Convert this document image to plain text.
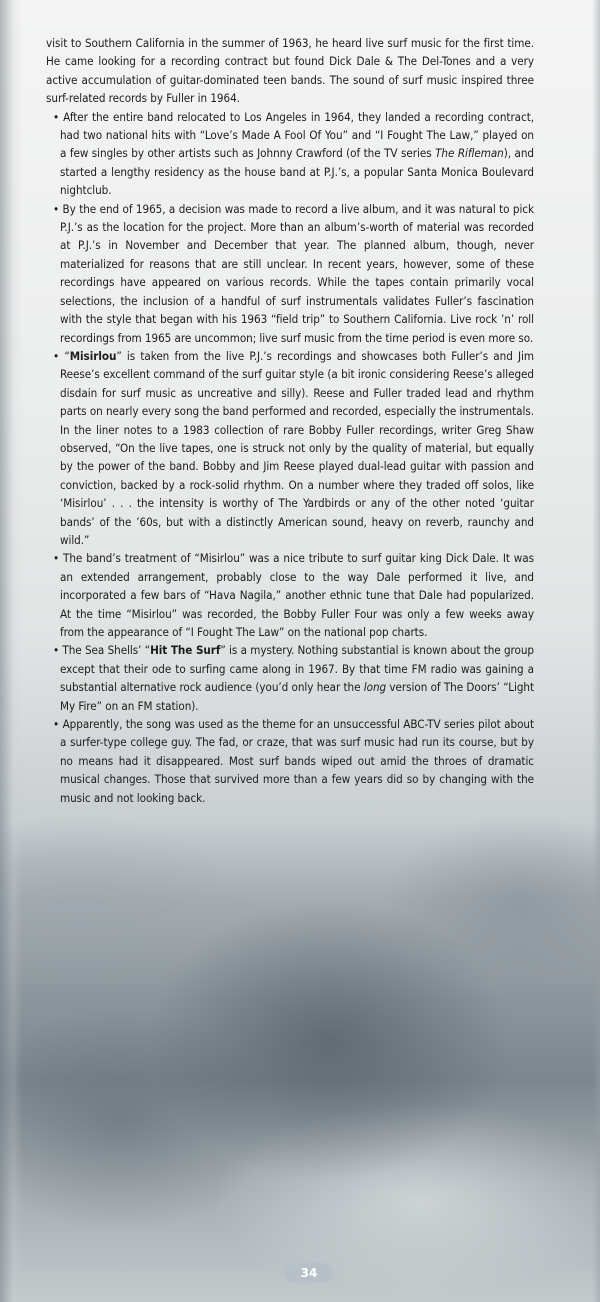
visit to Southern California in the summer of 1963, he heard live surf music for the first time. He came looking for a recording contract but found Dick Dale & The Del-Tones and a very active accumulation of guitar-dominated teen bands. The sound of surf music inspired three surf-related records by Fuller in 1964.

• After the entire band relocated to Los Angeles in 1964, they landed a recording contract, had two national hits with “Love’s Made A Fool Of You” and “I Fought The Law,” played on a few singles by other artists such as Johnny Crawford (of the TV series The Rifleman), and started a lengthy residency as the house band at P.J.’s, a popular Santa Monica Boulevard nightclub.

• By the end of 1965, a decision was made to record a live album, and it was natural to pick P.J.’s as the location for the project. More than an album’s-worth of material was recorded at P.J.’s in November and December that year. The planned album, though, never materialized for reasons that are still unclear. In recent years, however, some of these recordings have appeared on various records. While the tapes contain primarily vocal selections, the inclusion of a handful of surf instrumentals validates Fuller’s fascination with the style that began with his 1963 “field trip” to Southern California. Live rock ’n’ roll recordings from 1965 are uncommon; live surf music from the time period is even more so.

• “Misirlou” is taken from the live P.J.’s recordings and showcases both Fuller’s and Jim Reese’s excellent command of the surf guitar style (a bit ironic considering Reese’s alleged disdain for surf music as uncreative and silly). Reese and Fuller traded lead and rhythm parts on nearly every song the band performed and recorded, especially the instrumentals. In the liner notes to a 1983 collection of rare Bobby Fuller recordings, writer Greg Shaw observed, “On the live tapes, one is struck not only by the quality of material, but equally by the power of the band. Bobby and Jim Reese played dual-lead guitar with passion and conviction, backed by a rock-solid rhythm. On a number where they traded off solos, like ‘Misirlou’ . . . the intensity is worthy of The Yardbirds or any of the other noted ‘guitar bands’ of the ’60s, but with a distinctly American sound, heavy on reverb, raunchy and wild.”

• The band’s treatment of “Misirlou” was a nice tribute to surf guitar king Dick Dale. It was an extended arrangement, probably close to the way Dale performed it live, and incorporated a few bars of “Hava Nagila,” another ethnic tune that Dale had popularized. At the time “Misirlou” was recorded, the Bobby Fuller Four was only a few weeks away from the appearance of “I Fought The Law” on the national pop charts.

• The Sea Shells’ “Hit The Surf” is a mystery. Nothing substantial is known about the group except that their ode to surfing came along in 1967. By that time FM radio was gaining a substantial alternative rock audience (you’d only hear the long version of The Doors’ “Light My Fire” on an FM station).

• Apparently, the song was used as the theme for an unsuccessful ABC-TV series pilot about a surfer-type college guy. The fad, or craze, that was surf music had run its course, but by no means had it disappeared. Most surf bands wiped out amid the throes of dramatic musical changes. Those that survived more than a few years did so by changing with the music and not looking back.

34
